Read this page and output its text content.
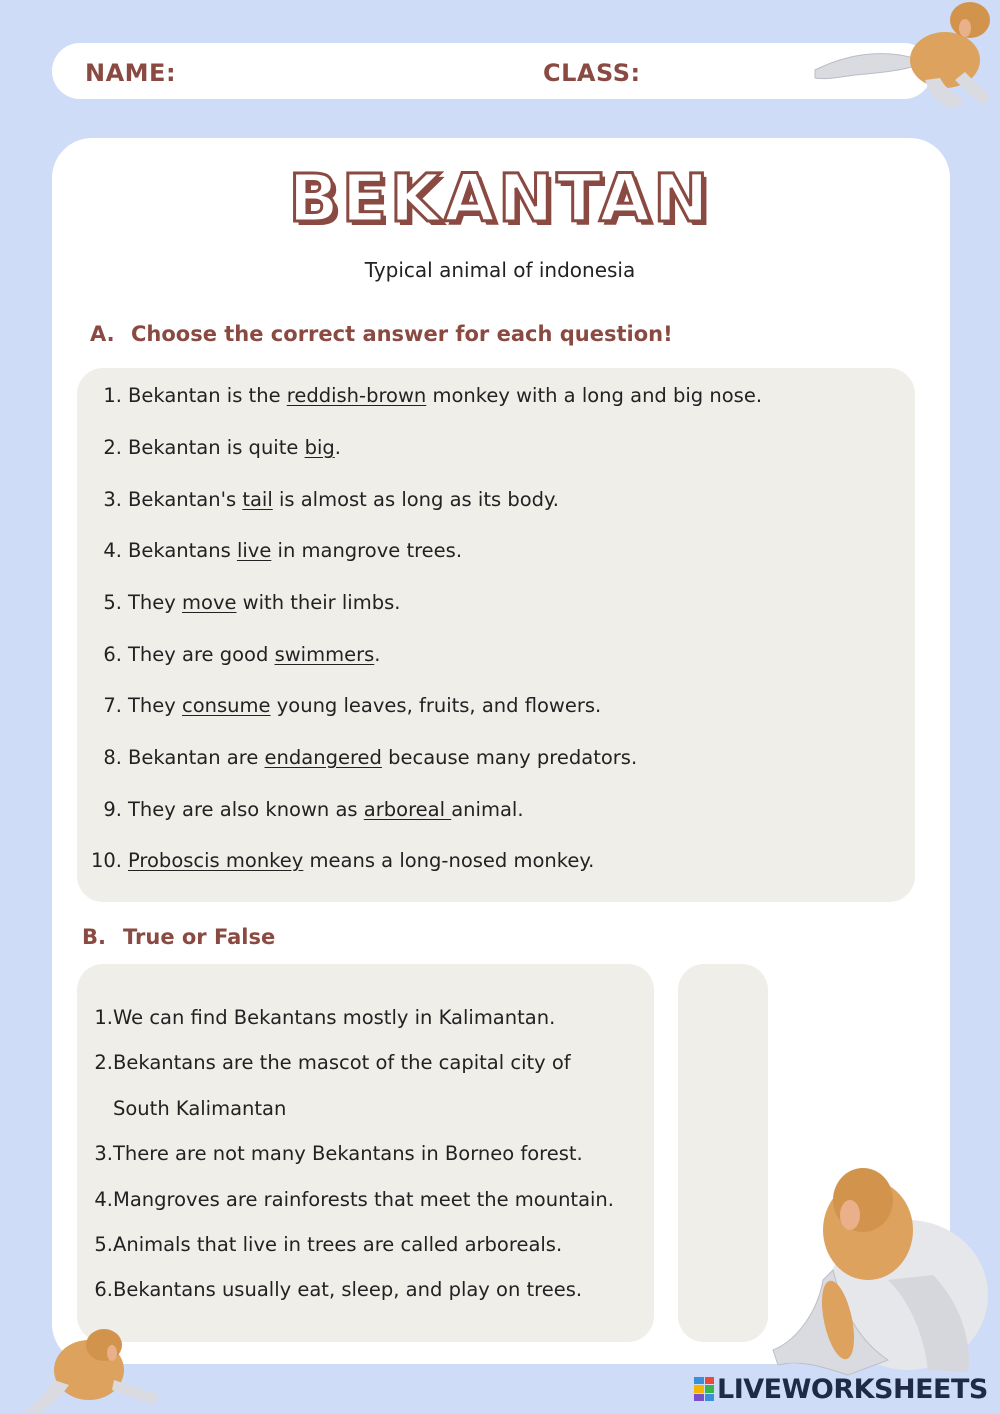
NAME:	CLASS:
BEKANTAN
Typical animal of indonesia
A. Choose the correct answer for each question!
1. Bekantan is the reddish-brown monkey with a long and big nose.
2. Bekantan is quite big.
3. Bekantan's tail is almost as long as its body.
4. Bekantans live in mangrove trees.
5. They move with their limbs.
6. They are good swimmers.
7. They consume young leaves, fruits, and flowers.
8. Bekantan are endangered because many predators.
9. They are also known as arboreal animal.
10. Proboscis monkey means a long-nosed monkey.
B. True or False
1.We can find Bekantans mostly in Kalimantan.
2.Bekantans are the mascot of the capital city of
South Kalimantan
3.There are not many Bekantans in Borneo forest.
4.Mangroves are rainforests that meet the mountain.
5.Animals that live in trees are called arboreals.
6.Bekantans usually eat, sleep, and play on trees.
LIVEWORKSHEETS
